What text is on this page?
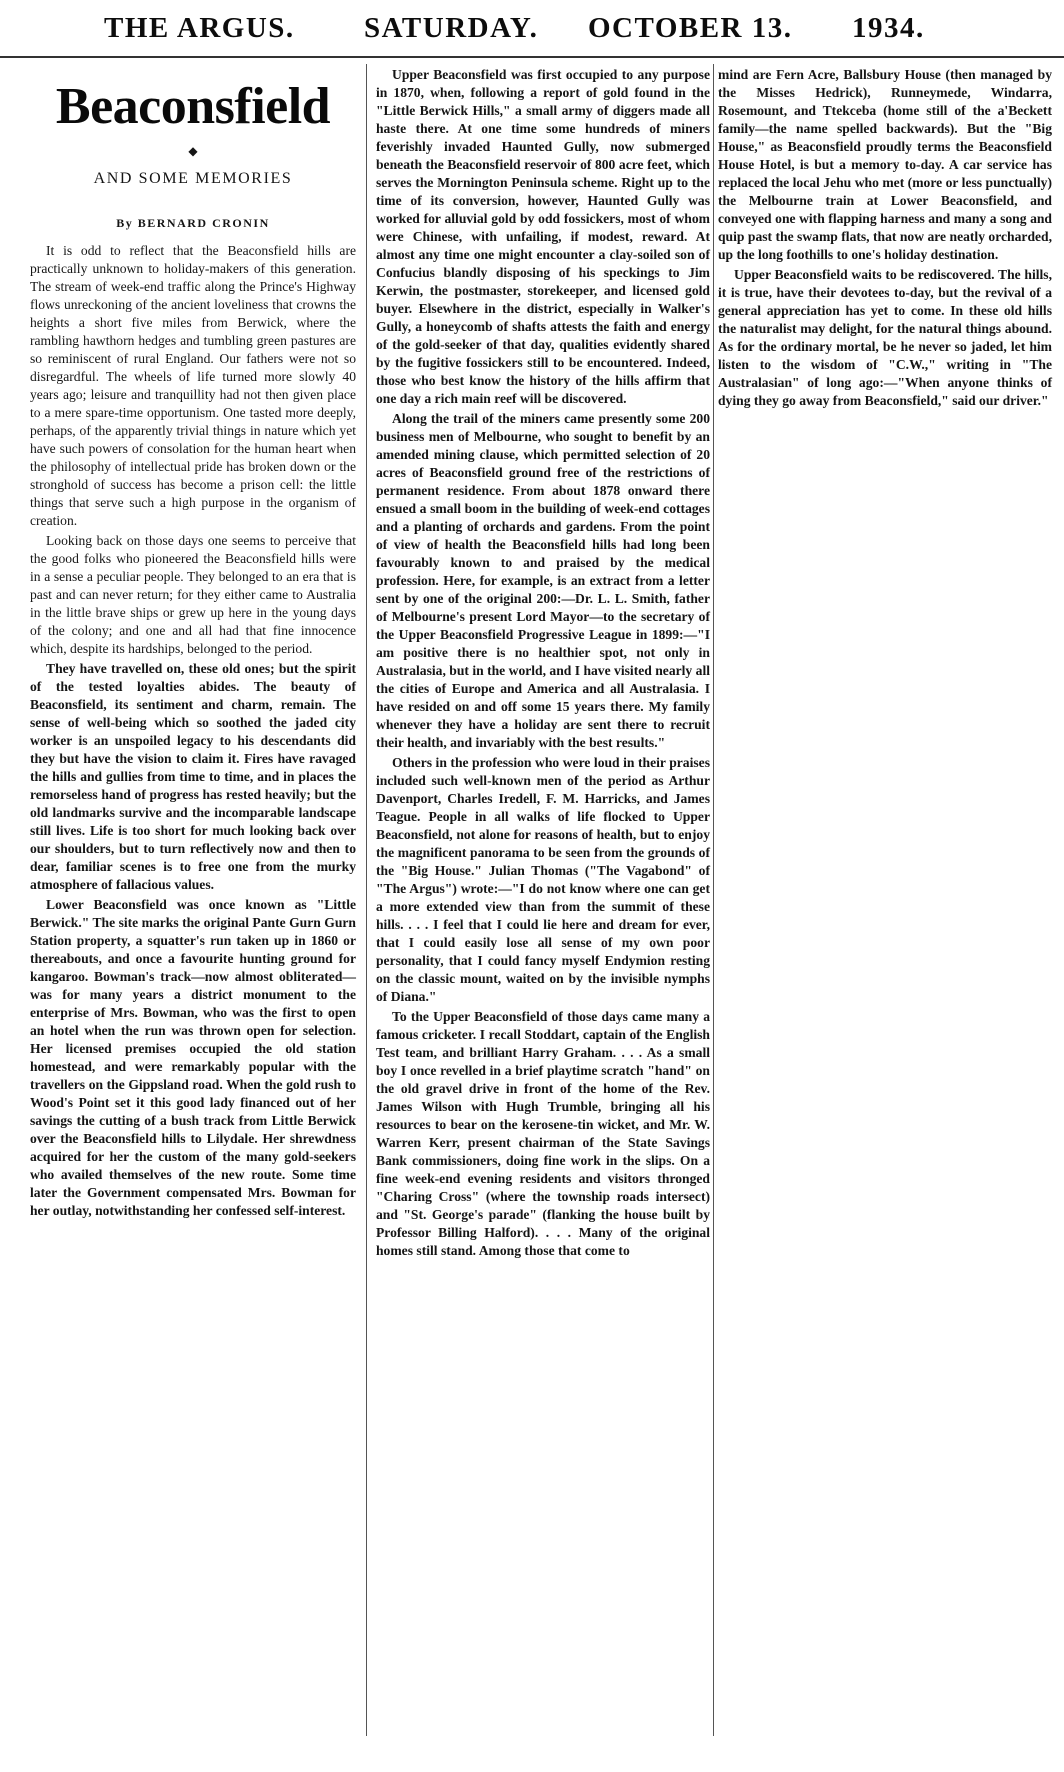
THE ARGUS. SATURDAY. OCTOBER 13. 1934.
Beaconsfield
◆
AND SOME MEMORIES
By BERNARD CRONIN

It is odd to reflect that the Beaconsfield hills are practically unknown to holiday-makers of this generation. The stream of week-end traffic along the Prince's Highway flows unreckoning of the ancient loveliness that crowns the heights a short five miles from Berwick, where the rambling hawthorn hedges and tumbling green pastures are so reminiscent of rural England. Our fathers were not so disregardful. The wheels of life turned more slowly 40 years ago; leisure and tranquillity had not then given place to a mere spare-time opportunism. One tasted more deeply, perhaps, of the apparently trivial things in nature which yet have such powers of consolation for the human heart when the philosophy of intellectual pride has broken down or the stronghold of success has become a prison cell: the little things that serve such a high purpose in the organism of creation.

Looking back on those days one seems to perceive that the good folks who pioneered the Beaconsfield hills were in a sense a peculiar people. They belonged to an era that is past and can never return; for they either came to Australia in the little brave ships or grew up here in the young days of the colony; and one and all had that fine innocence which, despite its hardships, belonged to the period.

They have travelled on, these old ones; but the spirit of the tested loyalties abides. The beauty of Beaconsfield, its sentiment and charm, remain. The sense of well-being which so soothed the jaded city worker is an unspoiled legacy to his descendants did they but have the vision to claim it. Fires have ravaged the hills and gullies from time to time, and in places the remorseless hand of progress has rested heavily; but the old landmarks survive and the incomparable landscape still lives. Life is too short for much looking back over our shoulders, but to turn reflectively now and then to dear, familiar scenes is to free one from the murky atmosphere of fallacious values.

Lower Beaconsfield was once known as "Little Berwick." The site marks the original Pante Gurn Gurn Station property, a squatter's run taken up in 1860 or thereabouts, and once a favourite hunting ground for kangaroo. Bowman's track—now almost obliterated—was for many years a district monument to the enterprise of Mrs. Bowman, who was the first to open an hotel when the run was thrown open for selection. Her licensed premises occupied the old station homestead, and were remarkably popular with the travellers on the Gippsland road. When the gold rush to Wood's Point set it this good lady financed out of her savings the cutting of a bush track from Little Berwick over the Beaconsfield hills to Lilydale. Her shrewdness acquired for her the custom of the many gold-seekers who availed themselves of the new route. Some time later the Government compensated Mrs. Bowman for her outlay, notwithstanding her confessed self-interest.

Upper Beaconsfield was first occupied to any purpose in 1870, when, following a report of gold found in the "Little Berwick Hills," a small army of diggers made all haste there. At one time some hundreds of miners feverishly invaded Haunted Gully, now submerged beneath the Beaconsfield reservoir of 800 acre feet, which serves the Mornington Peninsula scheme. Right up to the time of its conversion, however, Haunted Gully was worked for alluvial gold by odd fossickers, most of whom were Chinese, with unfailing, if modest, reward. At almost any time one might encounter a clay-soiled son of Confucius blandly disposing of his speckings to Jim Kerwin, the postmaster, storekeeper, and licensed gold buyer. Elsewhere in the district, especially in Walker's Gully, a honeycomb of shafts attests the faith and energy of the gold-seeker of that day, qualities evidently shared by the fugitive fossickers still to be encountered. Indeed, those who best know the history of the hills affirm that one day a rich main reef will be discovered.

Along the trail of the miners came presently some 200 business men of Melbourne, who sought to benefit by an amended mining clause, which permitted selection of 20 acres of Beaconsfield ground free of the restrictions of permanent residence. From about 1878 onward there ensued a small boom in the building of week-end cottages and a planting of orchards and gardens. From the point of view of health the Beaconsfield hills had long been favourably known to and praised by the medical profession. Here, for example, is an extract from a letter sent by one of the original 200:—Dr. L. L. Smith, father of Melbourne's present Lord Mayor—to the secretary of the Upper Beaconsfield Progressive League in 1899:—"I am positive there is no healthier spot, not only in Australasia, but in the world, and I have visited nearly all the cities of Europe and America and all Australasia. I have resided on and off some 15 years there. My family whenever they have a holiday are sent there to recruit their health, and invariably with the best results."

Others in the profession who were loud in their praises included such well-known men of the period as Arthur Davenport, Charles Iredell, F. M. Harricks, and James Teague. People in all walks of life flocked to Upper Beaconsfield, not alone for reasons of health, but to enjoy the magnificent panorama to be seen from the grounds of the "Big House." Julian Thomas ("The Vagabond" of "The Argus") wrote:—"I do not know where one can get a more extended view than from the summit of these hills. . . . I feel that I could lie here and dream for ever, that I could easily lose all sense of my own poor personality, that I could fancy myself Endymion resting on the classic mount, waited on by the invisible nymphs of Diana."

To the Upper Beaconsfield of those days came many a famous cricketer. I recall Stoddart, captain of the English Test team, and brilliant Harry Graham. . . . As a small boy I once revelled in a brief playtime scratch "hand" on the old gravel drive in front of the home of the Rev. James Wilson with Hugh Trumble, bringing all his resources to bear on the kerosene-tin wicket, and Mr. W. Warren Kerr, present chairman of the State Savings Bank commissioners, doing fine work in the slips. On a fine week-end evening residents and visitors thronged "Charing Cross" (where the township roads intersect) and "St. George's parade" (flanking the house built by Professor Billing Halford). . . . Many of the original homes still stand. Among those that come to

mind are Fern Acre, Ballsbury House (then managed by the Misses Hedrick), Runneymede, Windarra, Rosemount, and Ttekceba (home still of the a'Beckett family—the name spelled backwards). But the "Big House," as Beaconsfield proudly terms the Beaconsfield House Hotel, is but a memory to-day. A car service has replaced the local Jehu who met (more or less punctually) the Melbourne train at Lower Beaconsfield, and conveyed one with flapping harness and many a song and quip past the swamp flats, that now are neatly orcharded, up the long foothills to one's holiday destination.

Upper Beaconsfield waits to be rediscovered. The hills, it is true, have their devotees to-day, but the revival of a general appreciation has yet to come. In these old hills the naturalist may delight, for the natural things abound. As for the ordinary mortal, be he never so jaded, let him listen to the wisdom of "C.W.," writing in "The Australasian" of long ago:—"When anyone thinks of dying they go away from Beaconsfield," said our driver."
